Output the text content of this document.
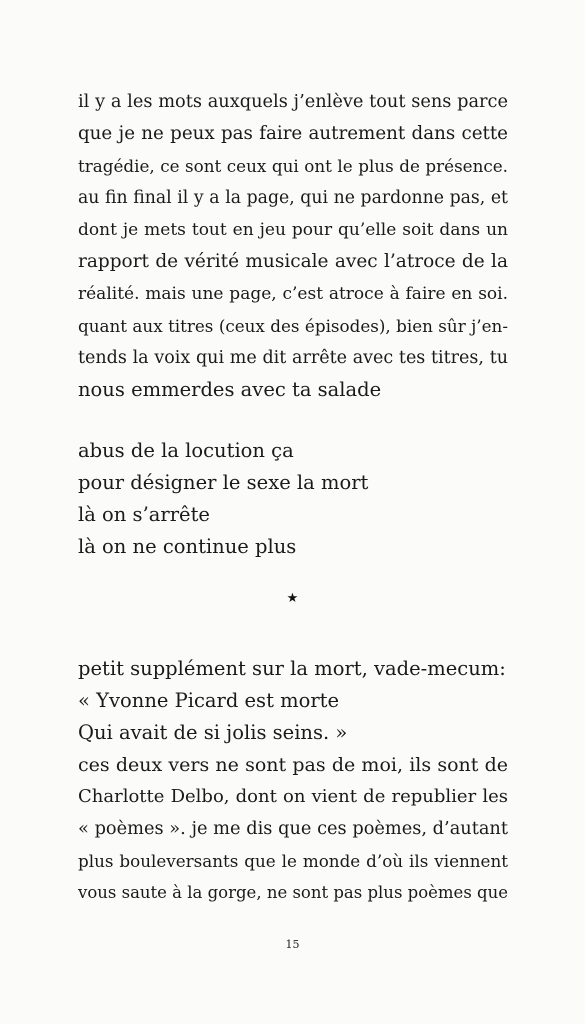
il y a les mots auxquels j’enlève tout sens parce
que je ne peux pas faire autrement dans cette
tragédie, ce sont ceux qui ont le plus de présence.
au fin final il y a la page, qui ne pardonne pas, et
dont je mets tout en jeu pour qu’elle soit dans un
rapport de vérité musicale avec l’atroce de la
réalité. mais une page, c’est atroce à faire en soi.
quant aux titres (ceux des épisodes), bien sûr j’en-
tends la voix qui me dit arrête avec tes titres, tu
nous emmerdes avec ta salade
abus de la locution ça
pour désigner le sexe la mort
là on s’arrête
là on ne continue plus
★
petit supplément sur la mort, vade-mecum:
« Yvonne Picard est morte
Qui avait de si jolis seins. »
ces deux vers ne sont pas de moi, ils sont de
Charlotte Delbo, dont on vient de republier les
« poèmes ». je me dis que ces poèmes, d’autant
plus bouleversants que le monde d’où ils viennent
vous saute à la gorge, ne sont pas plus poèmes que
15
